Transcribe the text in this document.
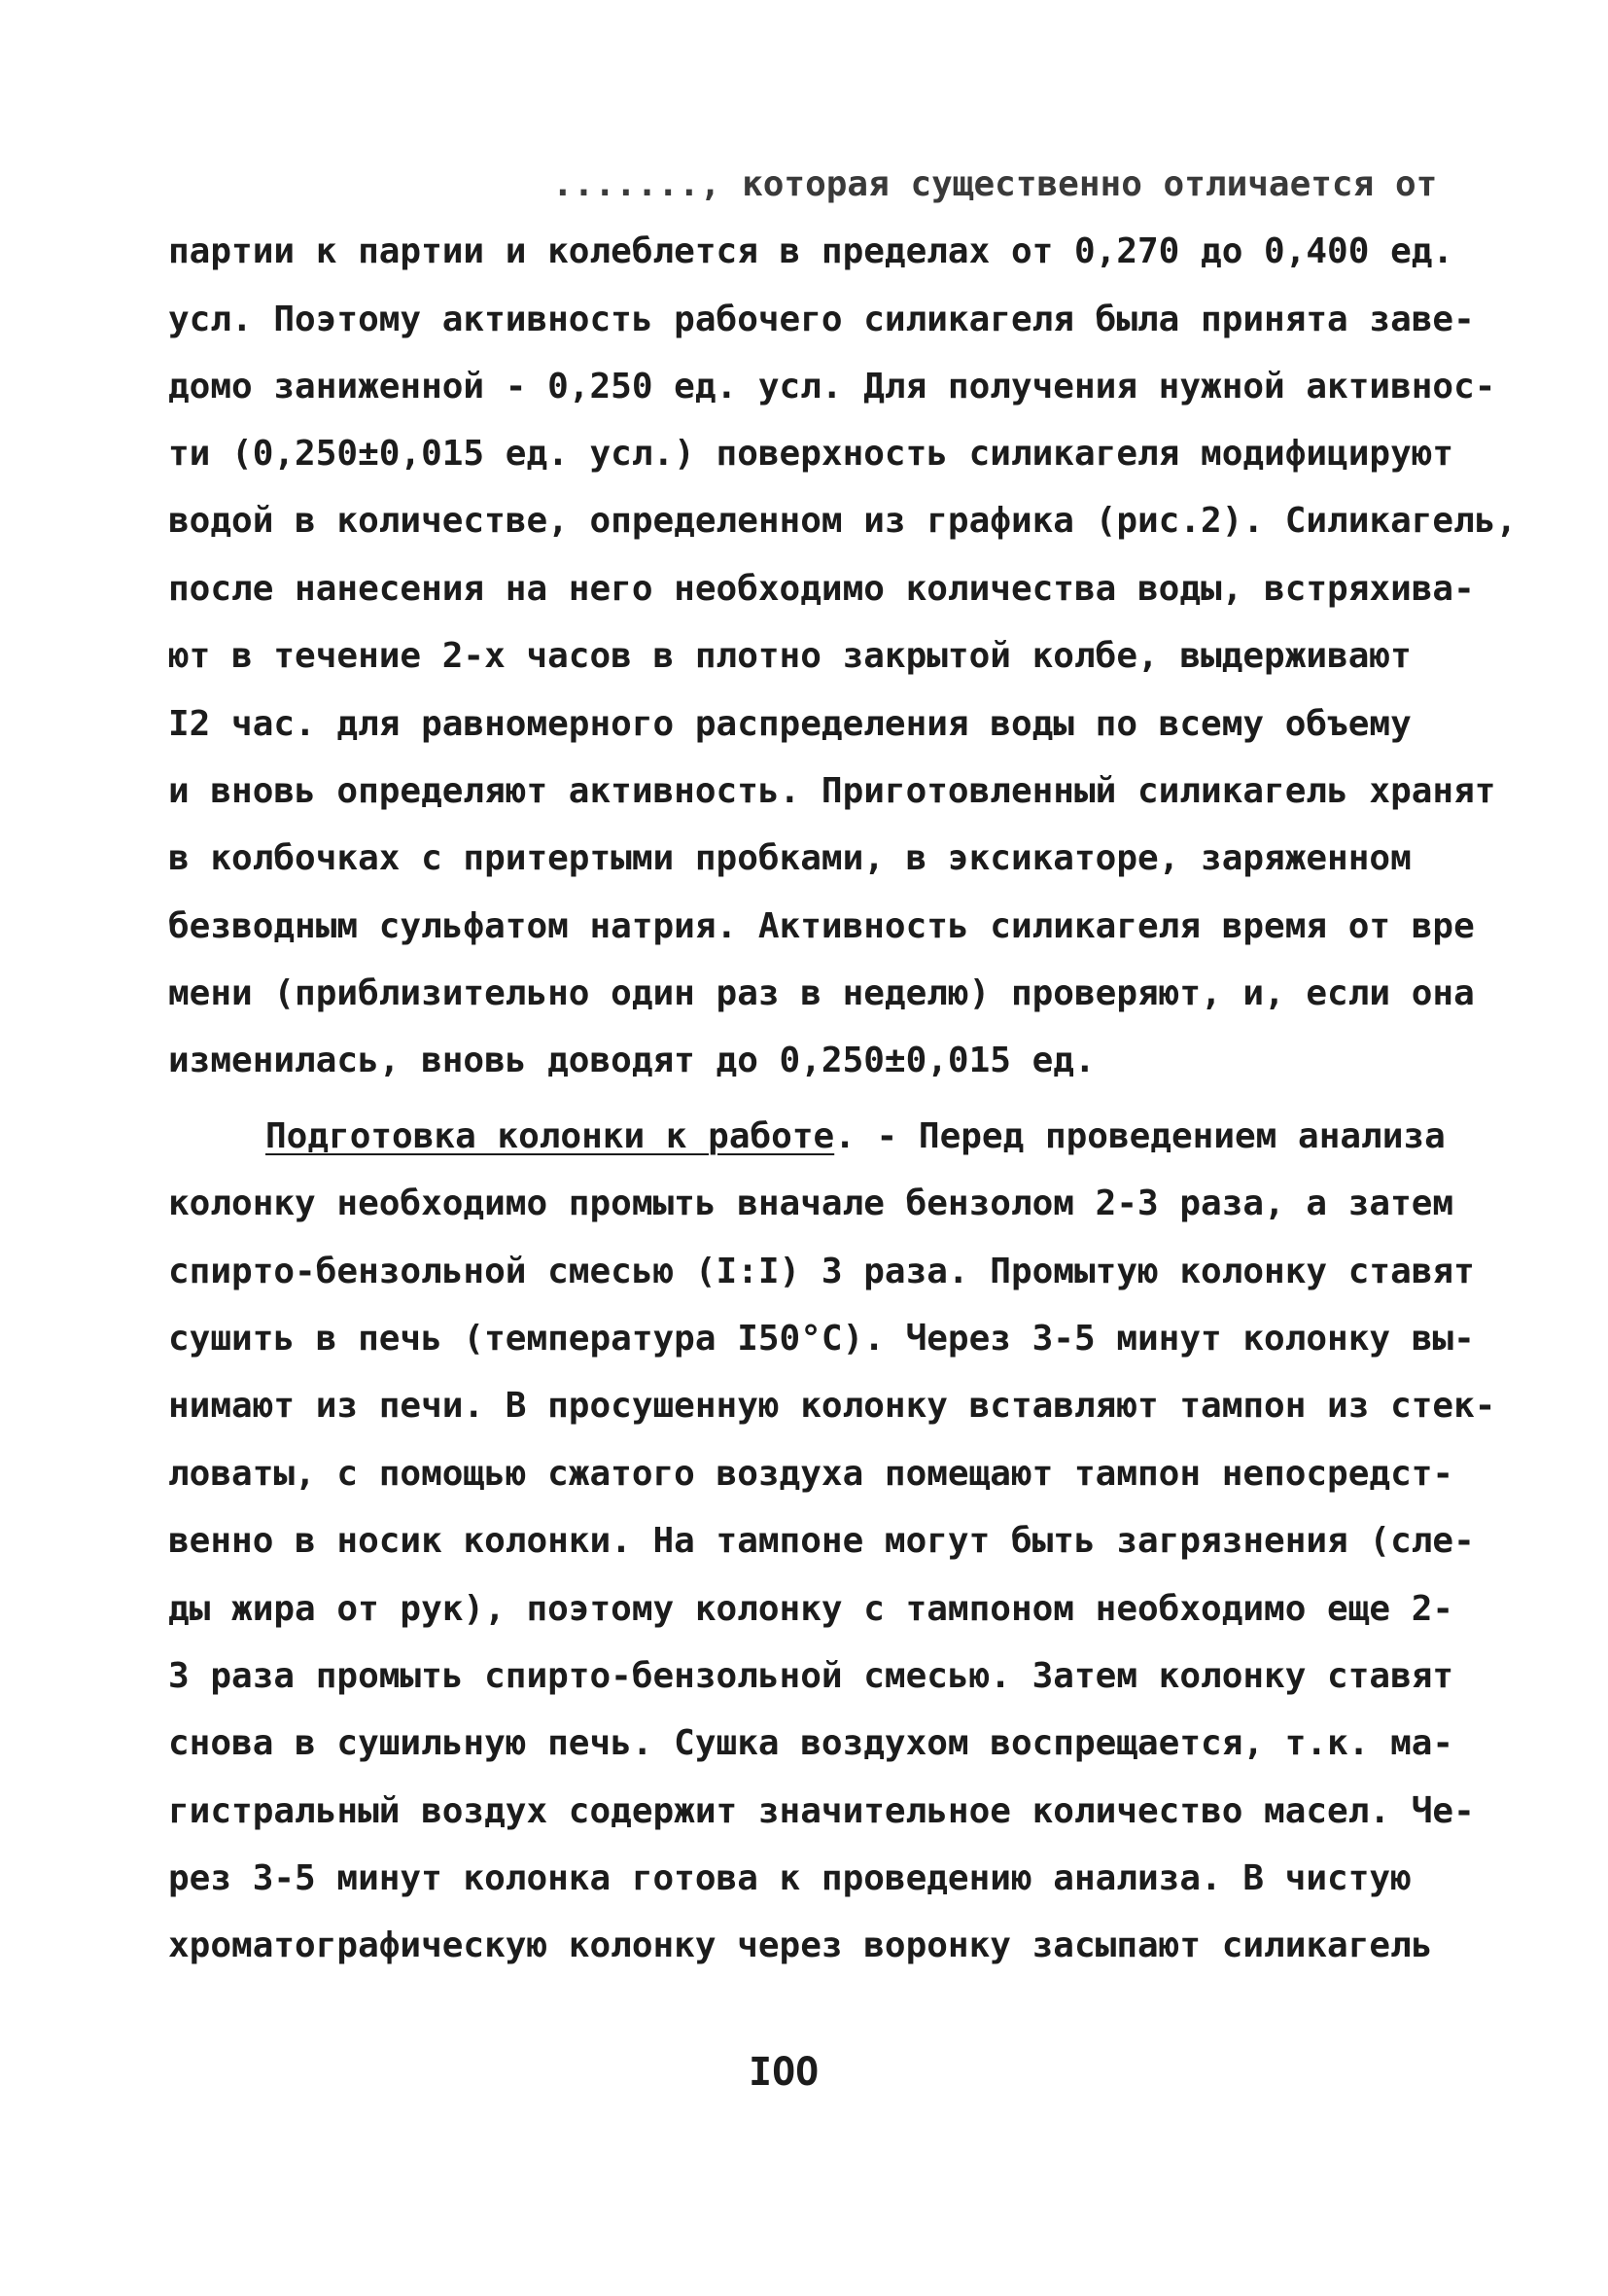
......., которая существенно отличается от
партии к партии и колеблется в пределах от 0,270 до 0,400 ед.
усл. Поэтому активность рабочего силикагеля была принята заве-
домо заниженной - 0,250 ед. усл. Для получения нужной активнос-
ти (0,250±0,015 ед. усл.) поверхность силикагеля модифицируют
водой в количестве, определенном из графика (рис.2). Силикагель,
после нанесения на него необходимо количества воды, встряхива-
ют в течение 2-х часов в плотно закрытой колбе, выдерживают
I2 час. для равномерного распределения воды по всему объему
и вновь определяют активность. Приготовленный силикагель хранят
в колбочках с притертыми пробками, в эксикаторе, заряженном
безводным сульфатом натрия. Активность силикагеля время от вре
мени (приблизительно один раз в неделю) проверяют, и, если она
изменилась, вновь доводят до 0,250±0,015 ед.
Подготовка колонки к работе. - Перед проведением анализа
колонку необходимо промыть вначале бензолом 2-3 раза, а затем
спирто-бензольной смесью (I:I) 3 раза. Промытую колонку ставят
сушить в печь (температура I50°C). Через 3-5 минут колонку вы-
нимают из печи. В просушенную колонку вставляют тампон из стек-
ловаты, с помощью сжатого воздуха помещают тампон непосредст-
венно в носик колонки. На тампоне могут быть загрязнения (сле-
ды жира от рук), поэтому колонку с тампоном необходимо еще 2-
3 раза промыть спирто-бензольной смесью. Затем колонку ставят
снова в сушильную печь. Сушка воздухом воспрещается, т.к. ма-
гистральный воздух содержит значительное количество масел. Че-
рез 3-5 минут колонка готова к проведению анализа. В чистую
хроматографическую колонку через воронку засыпают силикагель
IOO
